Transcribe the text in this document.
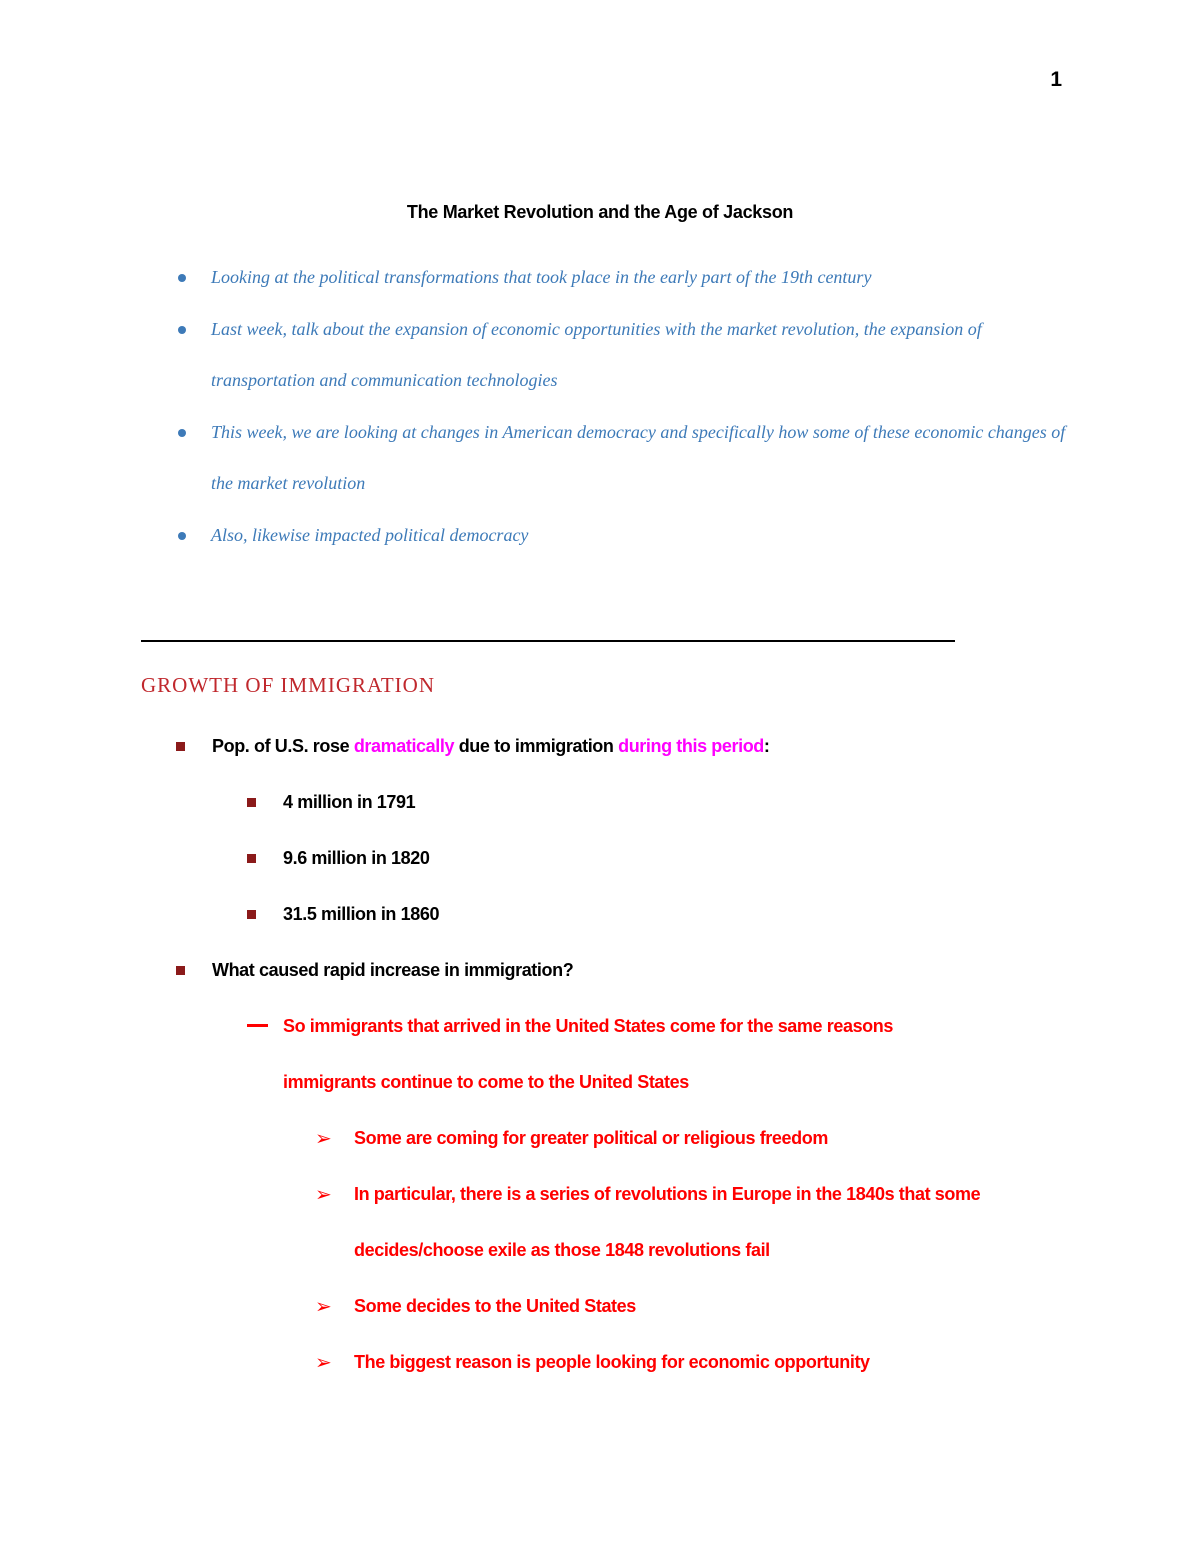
1
The Market Revolution and the Age of Jackson
Looking at the political transformations that took place in the early part of the 19th century
Last week, talk about the expansion of economic opportunities with the market revolution, the expansion of transportation and communication technologies
This week, we are looking at changes in American democracy and specifically how some of these economic changes of the market revolution
Also, likewise impacted political democracy
GROWTH OF IMMIGRATION
Pop. of U.S. rose dramatically due to immigration during this period:
4 million in 1791
9.6 million in 1820
31.5 million in 1860
What caused rapid increase in immigration?
So immigrants that arrived in the United States come for the same reasons immigrants continue to come to the United States
➢ Some are coming for greater political or religious freedom
➢ In particular, there is a series of revolutions in Europe in the 1840s that some decides/choose exile as those 1848 revolutions fail
➢ Some decides to the United States
➢ The biggest reason is people looking for economic opportunity
